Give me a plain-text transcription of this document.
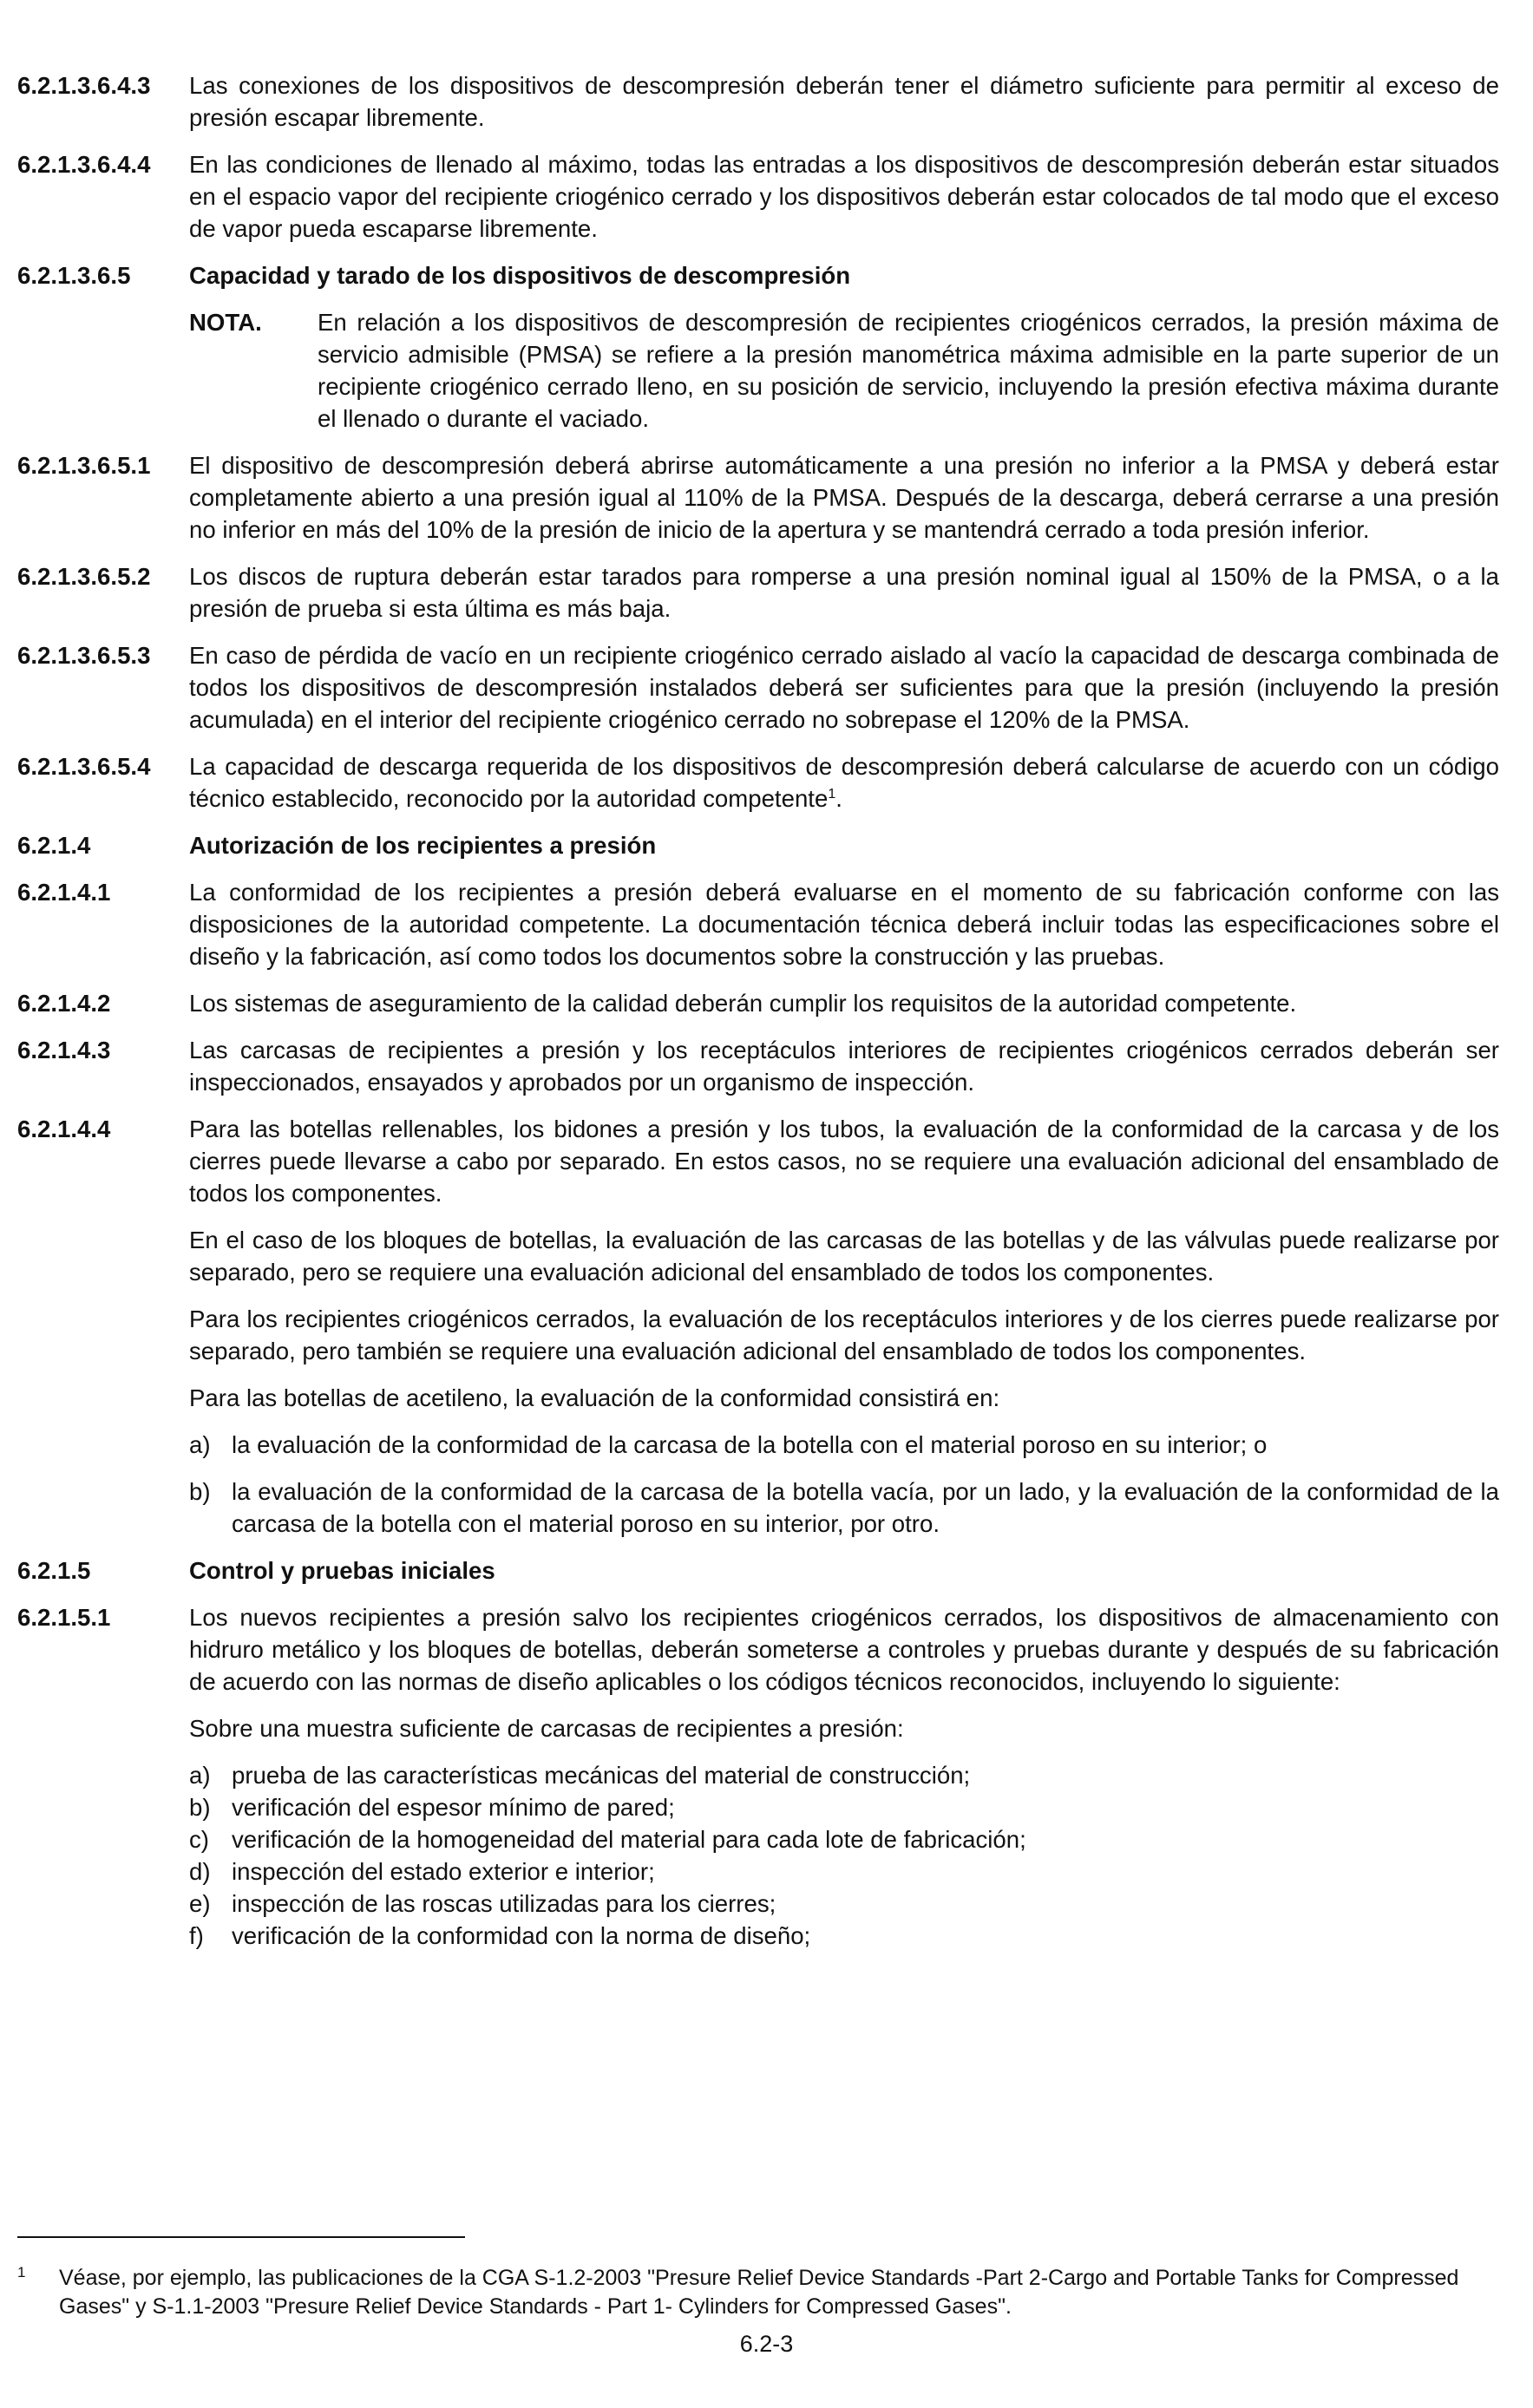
6.2.1.3.6.4.3	Las conexiones de los dispositivos de descompresión deberán tener el diámetro suficiente para permitir al exceso de presión escapar libremente.
6.2.1.3.6.4.4	En las condiciones de llenado al máximo, todas las entradas a los dispositivos de descompresión deberán estar situados en el espacio vapor del recipiente criogénico cerrado y los dispositivos deberán estar colocados de tal modo que el exceso de vapor pueda escaparse libremente.
6.2.1.3.6.5	Capacidad y tarado de los dispositivos de descompresión
NOTA.	En relación a los dispositivos de descompresión de recipientes criogénicos cerrados, la presión máxima de servicio admisible (PMSA) se refiere a la presión manométrica máxima admisible en la parte superior de un recipiente criogénico cerrado lleno, en su posición de servicio, incluyendo la presión efectiva máxima durante el llenado o durante el vaciado.
6.2.1.3.6.5.1	El dispositivo de descompresión deberá abrirse automáticamente a una presión no inferior a la PMSA y deberá estar completamente abierto a una presión igual al 110% de la PMSA. Después de la descarga, deberá cerrarse a una presión no inferior en más del 10% de la presión de inicio de la apertura y se mantendrá cerrado a toda presión inferior.
6.2.1.3.6.5.2	Los discos de ruptura deberán estar tarados para romperse a una presión nominal igual al 150% de la PMSA, o a la presión de prueba si esta última es más baja.
6.2.1.3.6.5.3	En caso de pérdida de vacío en un recipiente criogénico cerrado aislado al vacío la capacidad de descarga combinada de todos los dispositivos de descompresión instalados deberá ser suficientes para que la presión (incluyendo la presión acumulada) en el interior del recipiente criogénico cerrado no sobrepase el 120% de la PMSA.
6.2.1.3.6.5.4	La capacidad de descarga requerida de los dispositivos de descompresión deberá calcularse de acuerdo con un código técnico establecido, reconocido por la autoridad competente$^1$.
6.2.1.4	Autorización de los recipientes a presión
6.2.1.4.1	La conformidad de los recipientes a presión deberá evaluarse en el momento de su fabricación conforme con las disposiciones de la autoridad competente. La documentación técnica deberá incluir todas las especificaciones sobre el diseño y la fabricación, así como todos los documentos sobre la construcción y las pruebas.
6.2.1.4.2	Los sistemas de aseguramiento de la calidad deberán cumplir los requisitos de la autoridad competente.
6.2.1.4.3	Las carcasas de recipientes a presión y los receptáculos interiores de recipientes criogénicos cerrados deberán ser inspeccionados, ensayados y aprobados por un organismo de inspección.
6.2.1.4.4	Para las botellas rellenables, los bidones a presión y los tubos, la evaluación de la conformidad de la carcasa y de los cierres puede llevarse a cabo por separado. En estos casos, no se requiere una evaluación adicional del ensamblado de todos los componentes.
En el caso de los bloques de botellas, la evaluación de las carcasas de las botellas y de las válvulas puede realizarse por separado, pero se requiere una evaluación adicional del ensamblado de todos los componentes.
Para los recipientes criogénicos cerrados, la evaluación de los receptáculos interiores y de los cierres puede realizarse por separado, pero también se requiere una evaluación adicional del ensamblado de todos los componentes.
Para las botellas de acetileno, la evaluación de la conformidad consistirá en:
a) la evaluación de la conformidad de la carcasa de la botella con el material poroso en su interior; o
b) la evaluación de la conformidad de la carcasa de la botella vacía, por un lado, y la evaluación de la conformidad de la carcasa de la botella con el material poroso en su interior, por otro.
6.2.1.5	Control y pruebas iniciales
6.2.1.5.1	Los nuevos recipientes a presión salvo los recipientes criogénicos cerrados, los dispositivos de almacenamiento con hidruro metálico y los bloques de botellas, deberán someterse a controles y pruebas durante y después de su fabricación de acuerdo con las normas de diseño aplicables o los códigos técnicos reconocidos, incluyendo lo siguiente:
Sobre una muestra suficiente de carcasas de recipientes a presión:
a) prueba de las características mecánicas del material de construcción;
b) verificación del espesor mínimo de pared;
c) verificación de la homogeneidad del material para cada lote de fabricación;
d) inspección del estado exterior e interior;
e) inspección de las roscas utilizadas para los cierres;
f)	verificación de la conformidad con la norma de diseño;
1	Véase, por ejemplo, las publicaciones de la CGA S-1.2-2003 "Presure Relief Device Standards -Part 2-Cargo and Portable Tanks for Compressed Gases" y S-1.1-2003 "Presure Relief Device Standards - Part 1- Cylinders for Compressed Gases".
6.2-3
